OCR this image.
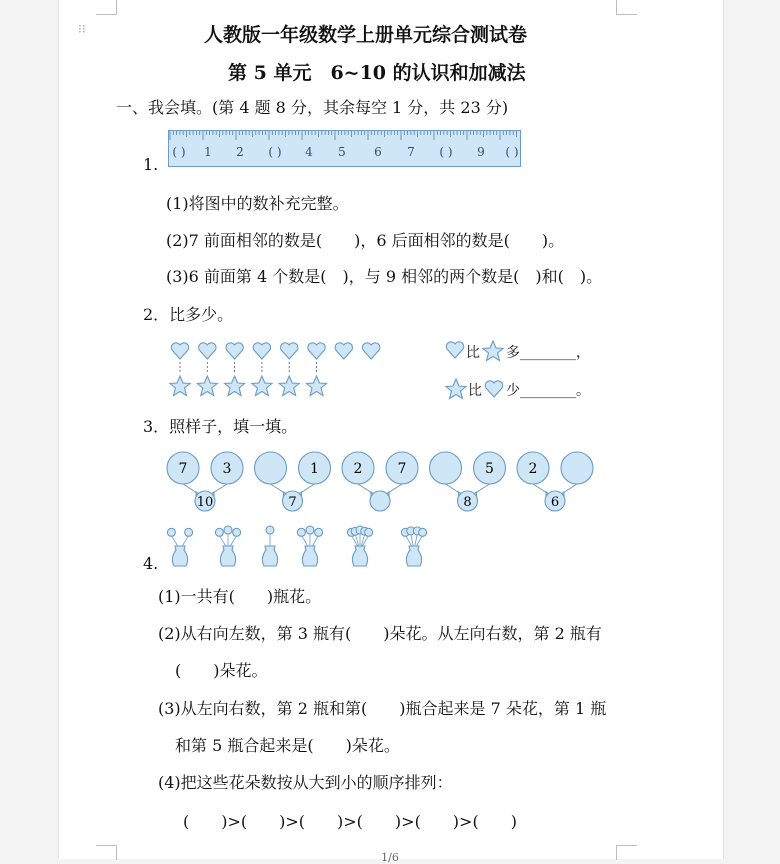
⁝⁝	人教版一年级数学上册单元综合测试卷
第 5 单元　6~10 的认识和加减法
一、我会填。(第 4 题 8 分，其余每空 1 分，共 23 分)
1.
( ) 1 2 ( ) 4 5 6 7 ( ) 9 ( )
(1)将图中的数补充完整。
(2)7 前面相邻的数是(　　)，6 后面相邻的数是(　　)。
(3)6 前面第 4 个数是(　)，与 9 相邻的两个数是(　)和(　)。
2．比多少。
比 多________，
比 少________。
3．照样子，填一填。
7	3
10
1
7
2	7	5
8
2
6
4.
(1)一共有(　　)瓶花。
(2)从右向左数，第 3 瓶有(　　)朵花。从左向右数，第 2 瓶有
(　　)朵花。
(3)从左向右数，第 2 瓶和第(　　)瓶合起来是 7 朵花，第 1 瓶
和第 5 瓶合起来是(　　)朵花。
(4)把这些花朵数按从大到小的顺序排列：
(　　)>(　　)>(　　)>(　　)>(　　)>(　　)
1/6
